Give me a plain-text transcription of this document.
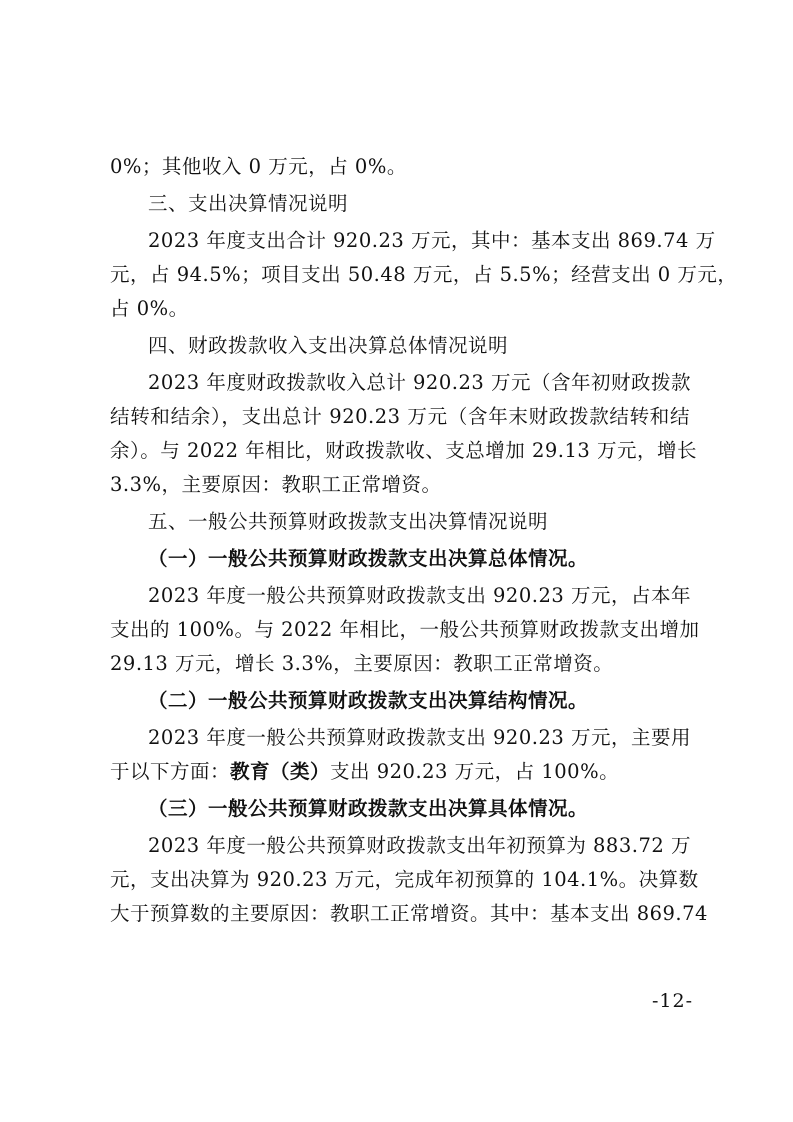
0%；其他收入 0 万元，占 0%。
三、支出决算情况说明
2023 年度支出合计 920.23 万元，其中：基本支出 869.74 万
元，占 94.5%；项目支出 50.48 万元，占 5.5%；经营支出 0 万元，
占 0%。
四、财政拨款收入支出决算总体情况说明
2023 年度财政拨款收入总计 920.23 万元（含年初财政拨款
结转和结余），支出总计 920.23 万元（含年末财政拨款结转和结
余）。与 2022 年相比，财政拨款收、支总增加 29.13 万元，增长
3.3%，主要原因：教职工正常增资。
五、一般公共预算财政拨款支出决算情况说明
（一）一般公共预算财政拨款支出决算总体情况。
2023 年度一般公共预算财政拨款支出 920.23 万元，占本年
支出的 100%。与 2022 年相比，一般公共预算财政拨款支出增加
29.13 万元，增长 3.3%，主要原因：教职工正常增资。
（二）一般公共预算财政拨款支出决算结构情况。
2023 年度一般公共预算财政拨款支出 920.23 万元，主要用
于以下方面：教育（类）支出 920.23 万元，占 100%。
（三）一般公共预算财政拨款支出决算具体情况。
2023 年度一般公共预算财政拨款支出年初预算为 883.72 万
元，支出决算为 920.23 万元，完成年初预算的 104.1%。决算数
大于预算数的主要原因：教职工正常增资。其中：基本支出 869.74
-12-
